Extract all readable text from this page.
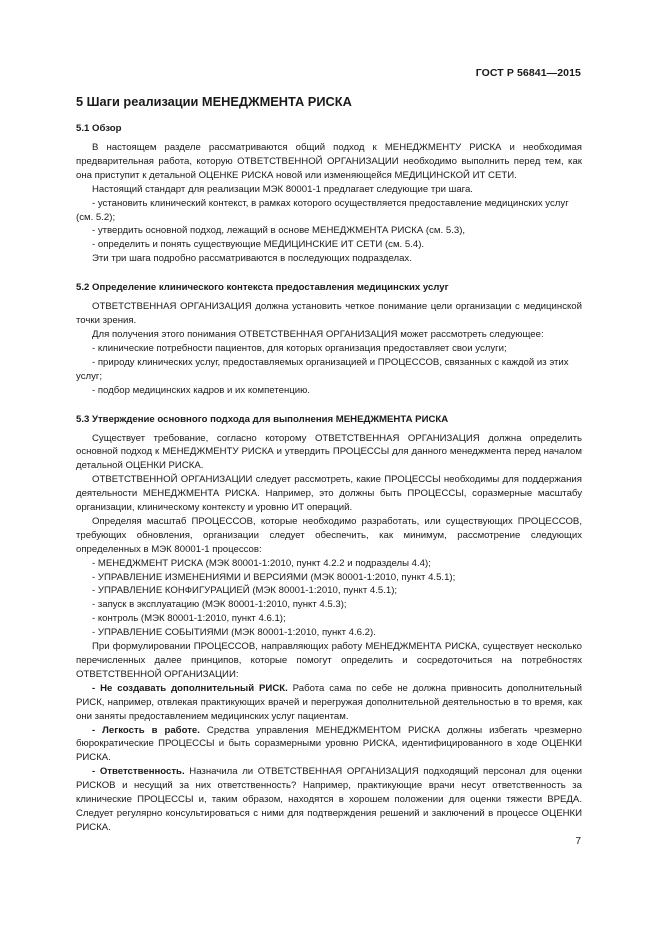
ГОСТ Р 56841—2015
5 Шаги реализации МЕНЕДЖМЕНТА РИСКА
5.1 Обзор

В настоящем разделе рассматриваются общий подход к МЕНЕДЖМЕНТУ РИСКА и необходимая предварительная работа, которую ОТВЕТСТВЕННОЙ ОРГАНИЗАЦИИ необходимо выполнить перед тем, как она приступит к детальной ОЦЕНКЕ РИСКА новой или изменяющейся МЕДИЦИНСКОЙ ИТ СЕТИ.

Настоящий стандарт для реализации МЭК 80001-1 предлагает следующие три шага.

- установить клинический контекст, в рамках которого осуществляется предоставление медицинских услуг (см. 5.2);

- утвердить основной подход, лежащий в основе МЕНЕДЖМЕНТА РИСКА (см. 5.3),

- определить и понять существующие МЕДИЦИНСКИЕ ИТ СЕТИ (см. 5.4).

Эти три шага подробно рассматриваются в последующих подразделах.

5.2 Определение клинического контекста предоставления медицинских услуг

ОТВЕТСТВЕННАЯ ОРГАНИЗАЦИЯ должна установить четкое понимание цели организации с медицинской точки зрения.

Для получения этого понимания ОТВЕТСТВЕННАЯ ОРГАНИЗАЦИЯ может рассмотреть следующее:

- клинические потребности пациентов, для которых организация предоставляет свои услуги;

- природу клинических услуг, предоставляемых организацией и ПРОЦЕССОВ, связанных с каждой из этих услуг;

- подбор медицинских кадров и их компетенцию.

5.3 Утверждение основного подхода для выполнения МЕНЕДЖМЕНТА РИСКА

Существует требование, согласно которому ОТВЕТСТВЕННАЯ ОРГАНИЗАЦИЯ должна определить основной подход к МЕНЕДЖМЕНТУ РИСКА и утвердить ПРОЦЕССЫ для данного менеджмента перед началом детальной ОЦЕНКИ РИСКА.

ОТВЕТСТВЕННОЙ ОРГАНИЗАЦИИ следует рассмотреть, какие ПРОЦЕССЫ необходимы для поддержания деятельности МЕНЕДЖМЕНТА РИСКА. Например, это должны быть ПРОЦЕССЫ, соразмерные масштабу организации, клиническому контексту и уровню ИТ операций.

Определяя масштаб ПРОЦЕССОВ, которые необходимо разработать, или существующих ПРОЦЕССОВ, требующих обновления, организации следует обеспечить, как минимум, рассмотрение следующих определенных в МЭК 80001-1 процессов:

- МЕНЕДЖМЕНТ РИСКА (МЭК 80001-1:2010, пункт 4.2.2 и подразделы 4.4);

- УПРАВЛЕНИЕ ИЗМЕНЕНИЯМИ И ВЕРСИЯМИ (МЭК 80001-1:2010, пункт 4.5.1);

- УПРАВЛЕНИЕ КОНФИГУРАЦИЕЙ (МЭК 80001-1:2010, пункт 4.5.1);

- запуск в эксплуатацию (МЭК 80001-1:2010, пункт 4.5.3);

- контроль (МЭК 80001-1:2010, пункт 4.6.1);

- УПРАВЛЕНИЕ СОБЫТИЯМИ (МЭК 80001-1:2010, пункт 4.6.2).

При формулировании ПРОЦЕССОВ, направляющих работу МЕНЕДЖМЕНТА РИСКА, существует несколько перечисленных далее принципов, которые помогут определить и сосредоточиться на потребностях ОТВЕТСТВЕННОЙ ОРГАНИЗАЦИИ:

- Не создавать дополнительный РИСК. Работа сама по себе не должна привносить дополнительный РИСК, например, отвлекая практикующих врачей и перегружая дополнительной деятельностью в то время, как они заняты предоставлением медицинских услуг пациентам.

- Легкость в работе. Средства управления МЕНЕДЖМЕНТОМ РИСКА должны избегать чрезмерно бюрократические ПРОЦЕССЫ и быть соразмерными уровню РИСКА, идентифицированного в ходе ОЦЕНКИ РИСКА.

- Ответственность. Назначила ли ОТВЕТСТВЕННАЯ ОРГАНИЗАЦИЯ подходящий персонал для оценки РИСКОВ и несущий за них ответственность? Например, практикующие врачи несут ответственность за клинические ПРОЦЕССЫ и, таким образом, находятся в хорошем положении для оценки тяжести ВРЕДА. Следует регулярно консультироваться с ними для подтверждения решений и заключений в процессе ОЦЕНКИ РИСКА.

7
